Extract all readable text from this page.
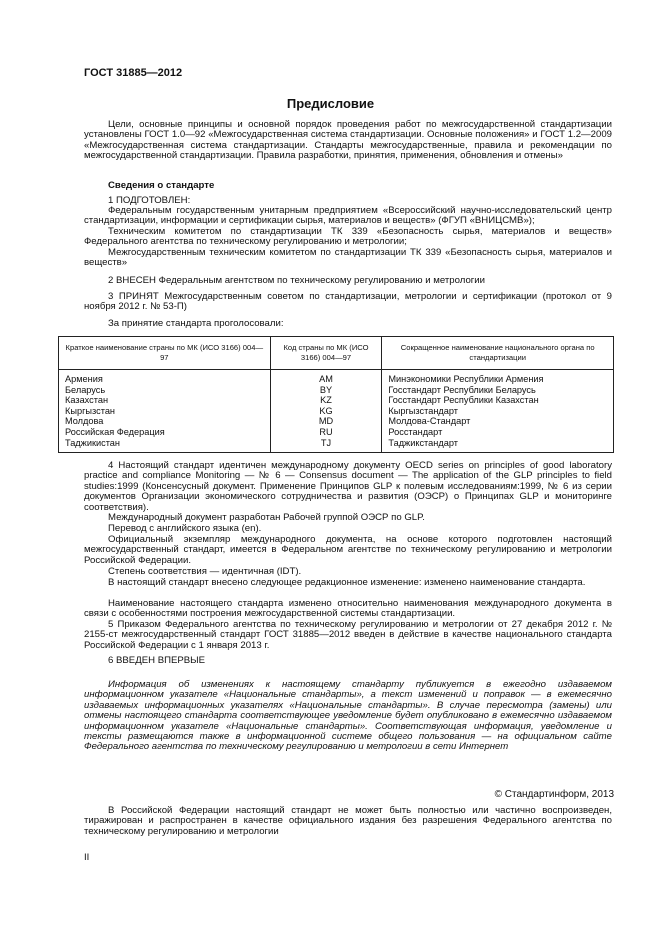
ГОСТ 31885—2012
Предисловие

Цели, основные принципы и основной порядок проведения работ по межгосударственной стандартизации установлены ГОСТ 1.0—92 «Межгосударственная система стандартизации. Основные положения» и ГОСТ 1.2—2009 «Межгосударственная система стандартизации. Стандарты межгосударственные, правила и рекомендации по межгосударственной стандартизации. Правила разработки, принятия, применения, обновления и отмены»

Сведения о стандарте

1 ПОДГОТОВЛЕН:

Федеральным государственным унитарным предприятием «Всероссийский научно-исследовательский центр стандартизации, информации и сертификации сырья, материалов и веществ» (ФГУП «ВНИЦСМВ»);

Техническим комитетом по стандартизации ТК 339 «Безопасность сырья, материалов и веществ» Федерального агентства по техническому регулированию и метрологии;

Межгосударственным техническим комитетом по стандартизации ТК 339 «Безопасность сырья, материалов и веществ»

2 ВНЕСЕН Федеральным агентством по техническому регулированию и метрологии

3 ПРИНЯТ Межгосударственным советом по стандартизации, метрологии и сертификации (протокол от 9 ноября 2012 г. № 53-П)

За принятие стандарта проголосовали:

Краткое наименование страны по МК (ИСО 3166) 004—97	Код страны по МК (ИСО 3166) 004—97	Сокращенное наименование национального органа по стандартизации
Армения	AM	Минэкономики Республики Армения
Беларусь	BY	Госстандарт Республики Беларусь
Казахстан	KZ	Госстандарт Республики Казахстан
Кыргызстан	KG	Кыргызстандарт
Молдова	MD	Молдова-Стандарт
Российская Федерация	RU	Росстандарт
Таджикистан	TJ	Таджикстандарт

4 Настоящий стандарт идентичен международному документу OECD series on principles of good laboratory practice and compliance Monitoring — № 6 — Consensus document — The application of the GLP principles to field studies:1999 (Консенсусный документ. Применение Принципов GLP к полевым исследованиям:1999, № 6 из серии документов Организации экономического сотрудничества и развития (ОЭСР) о Принципах GLP и мониторинге соответствия).

Международный документ разработан Рабочей группой ОЭСР по GLP.

Перевод с английского языка (en).

Официальный экземпляр международного документа, на основе которого подготовлен настоящий межгосударственный стандарт, имеется в Федеральном агентстве по техническому регулированию и метрологии Российской Федерации.

Степень соответствия — идентичная (IDT).

В настоящий стандарт внесено следующее редакционное изменение: изменено наименование стандарта.

Наименование настоящего стандарта изменено относительно наименования международного документа в связи с особенностями построения межгосударственной системы стандартизации.

5 Приказом Федерального агентства по техническому регулированию и метрологии от 27 декабря 2012 г. № 2155-ст межгосударственный стандарт ГОСТ 31885—2012 введен в действие в качестве национального стандарта Российской Федерации с 1 января 2013 г.

6 ВВЕДЕН ВПЕРВЫЕ

Информация об изменениях к настоящему стандарту публикуется в ежегодно издаваемом информационном указателе «Национальные стандарты», а текст изменений и поправок — в ежемесячно издаваемых информационных указателях «Национальные стандарты». В случае пересмотра (замены) или отмены настоящего стандарта соответствующее уведомление будет опубликовано в ежемесячно издаваемом информационном указателе «Национальные стандарты». Соответствующая информация, уведомление и тексты размещаются также в информационной системе общего пользования — на официальном сайте Федерального агентства по техническому регулированию и метрологии в сети Интернет

© Стандартинформ, 2013

В Российской Федерации настоящий стандарт не может быть полностью или частично воспроизведен, тиражирован и распространен в качестве официального издания без разрешения Федерального агентства по техническому регулированию и метрологии

II
